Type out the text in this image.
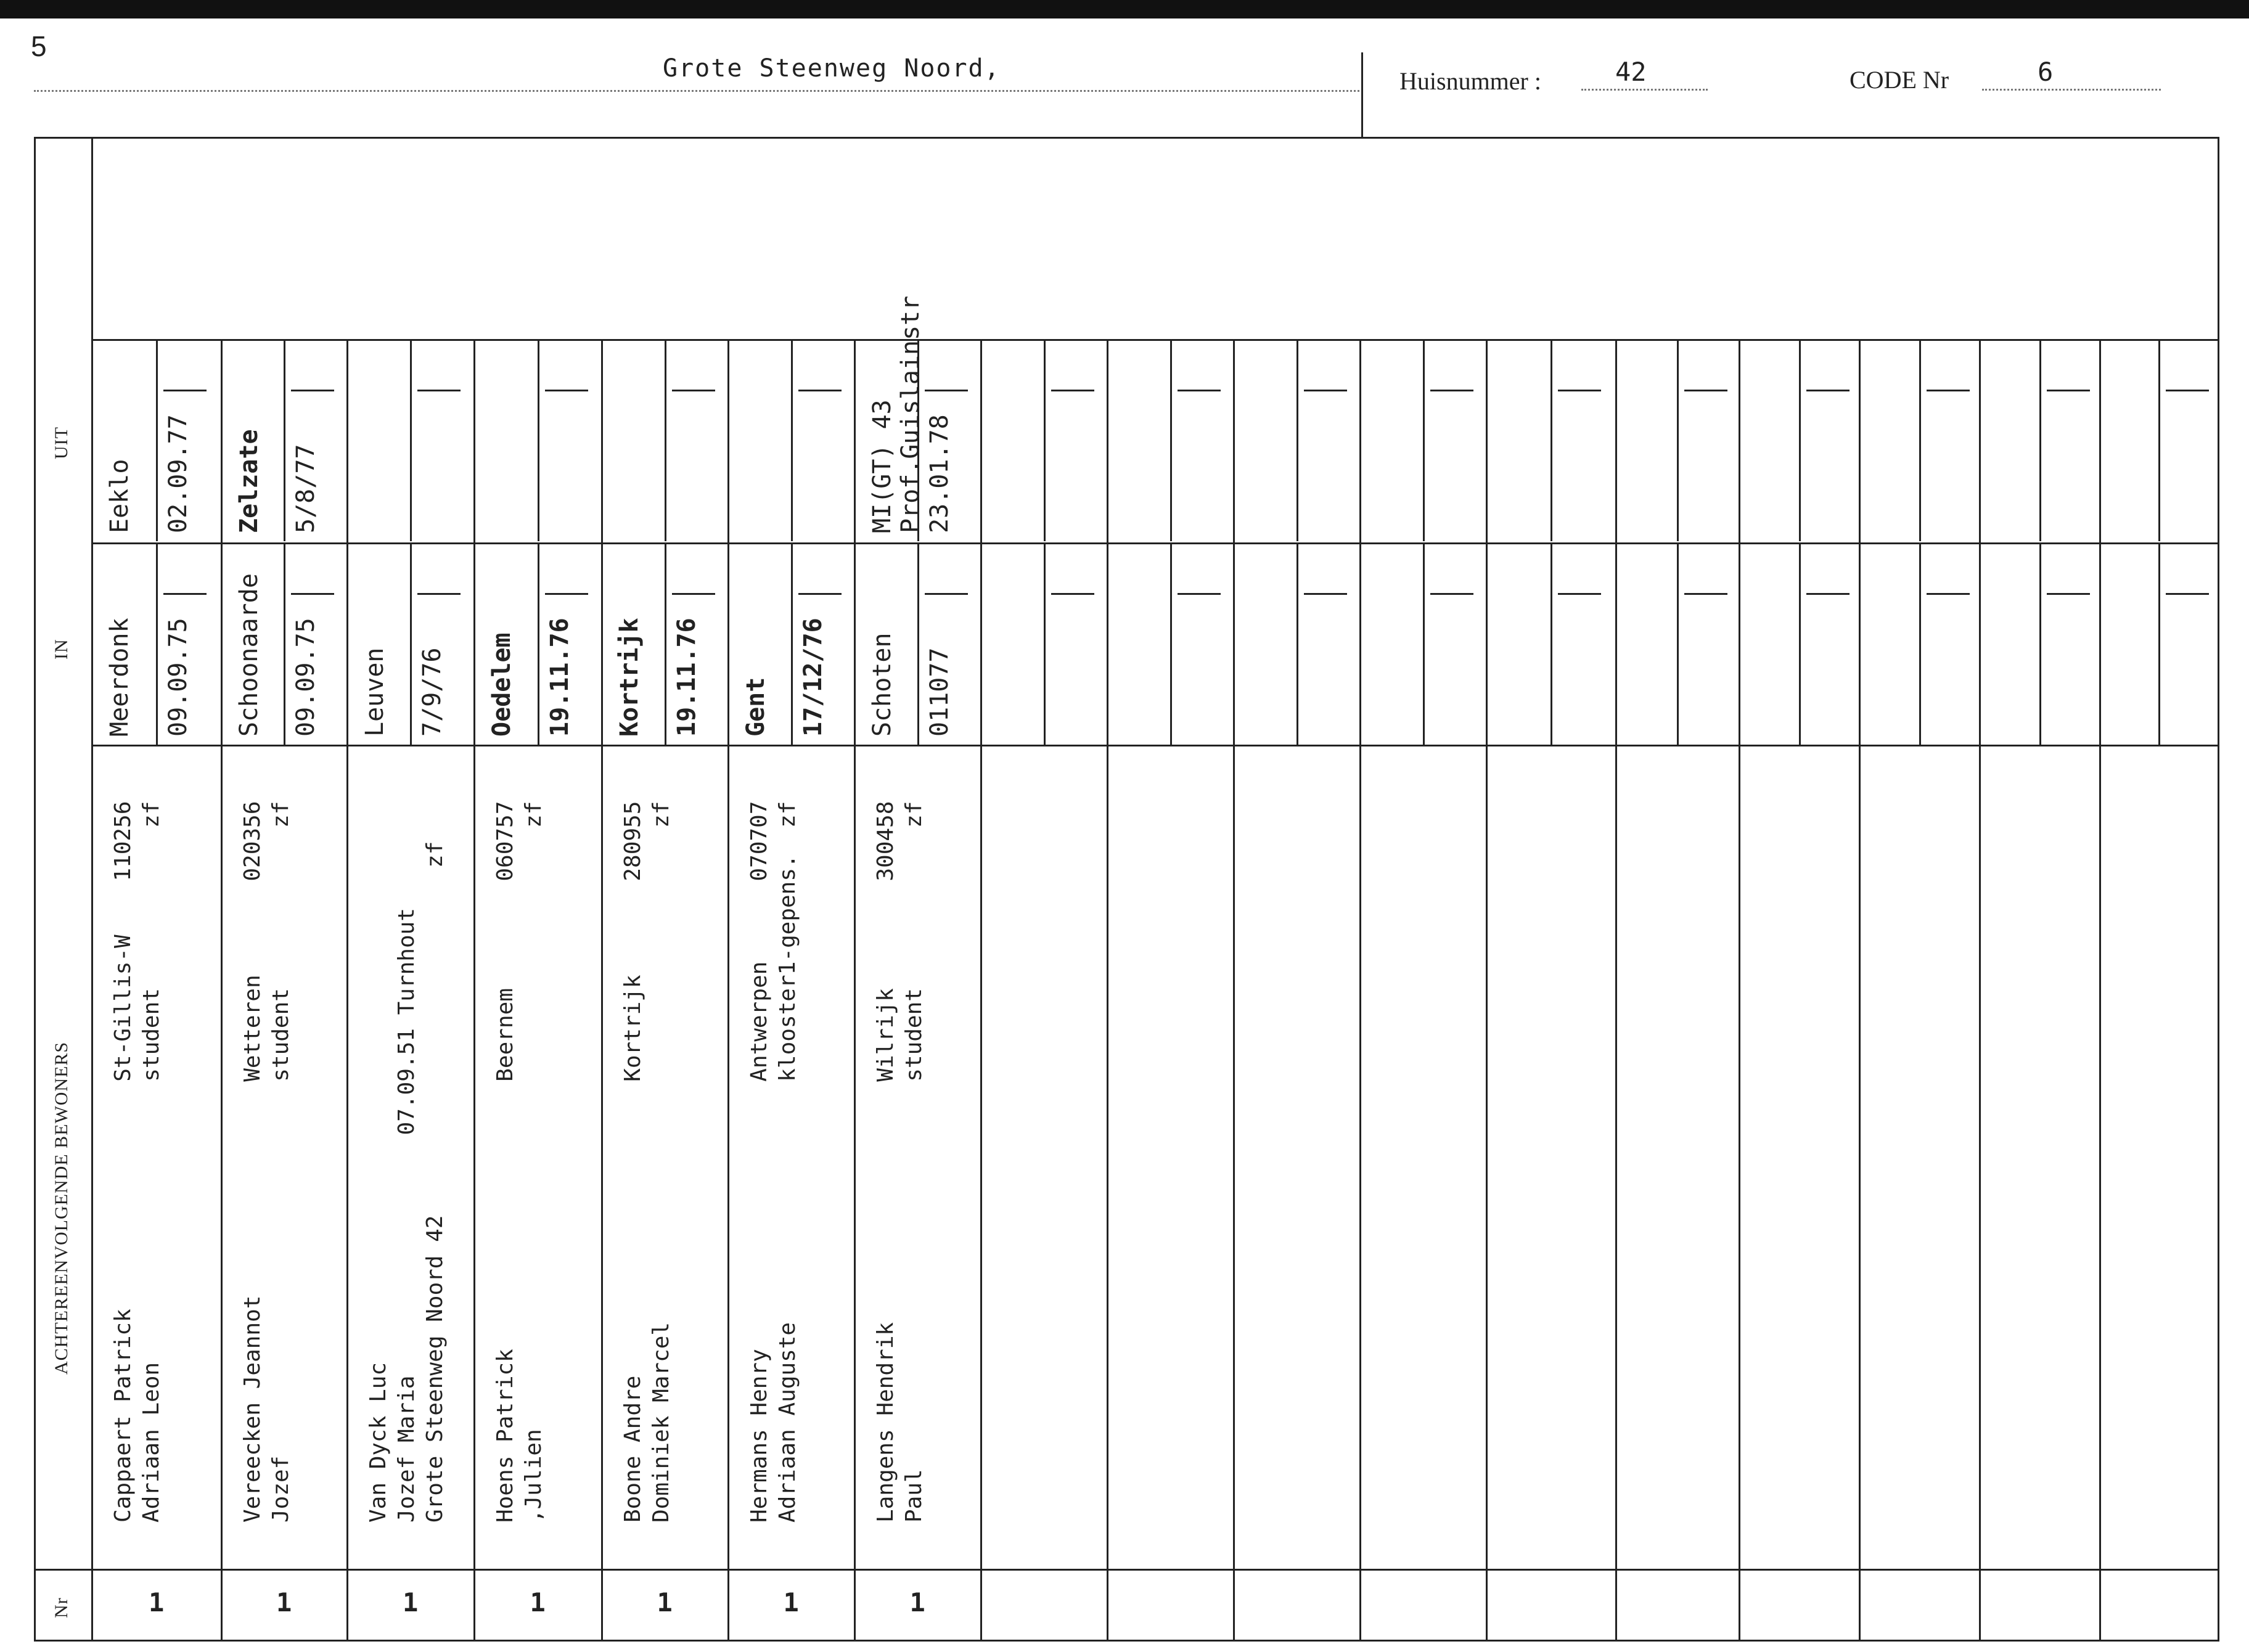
5
Grote Steenweg Noord,	Huisnummer :	42	CODE Nr	6
UIT
IN
ACHTEREENVOLGENDE BEWONERS
Nr
Eeklo 02.09.77
Meerdonk 09.09.75
Cappaert Patrick                 St-Gillis-W    110256 Adriaan Leon                     student            zf
1
Zelzate 5/8/77
Schoonaarde 09.09.75
Vereecken Jeannot                Wetteren       020356 Jozef                            student            zf
1
Leuven 7/9/76
Van Dyck Luc Jozef Maria                  07.09.51 Turnhout Grote Steenweg Noord 42                          zf
1
Oedelem 19.11.76
Hoens Patrick                    Beernem        060757 ,Julien                                             zf
1
Kortrijk 19.11.76
Boone Andre                      Kortrijk       280955 Dominiek Marcel                                     zf
1
Gent 17/12/76
Hermans Henry                    Antwerpen      070707 Adriaan Auguste                  klooster1-gepens.  zf
1
MI(GT) 43 Prof.Guislainstr 23.01.78
Schoten 011077
Langens Hendrik                  Wilrijk        300458 Paul                             student            zf
1
